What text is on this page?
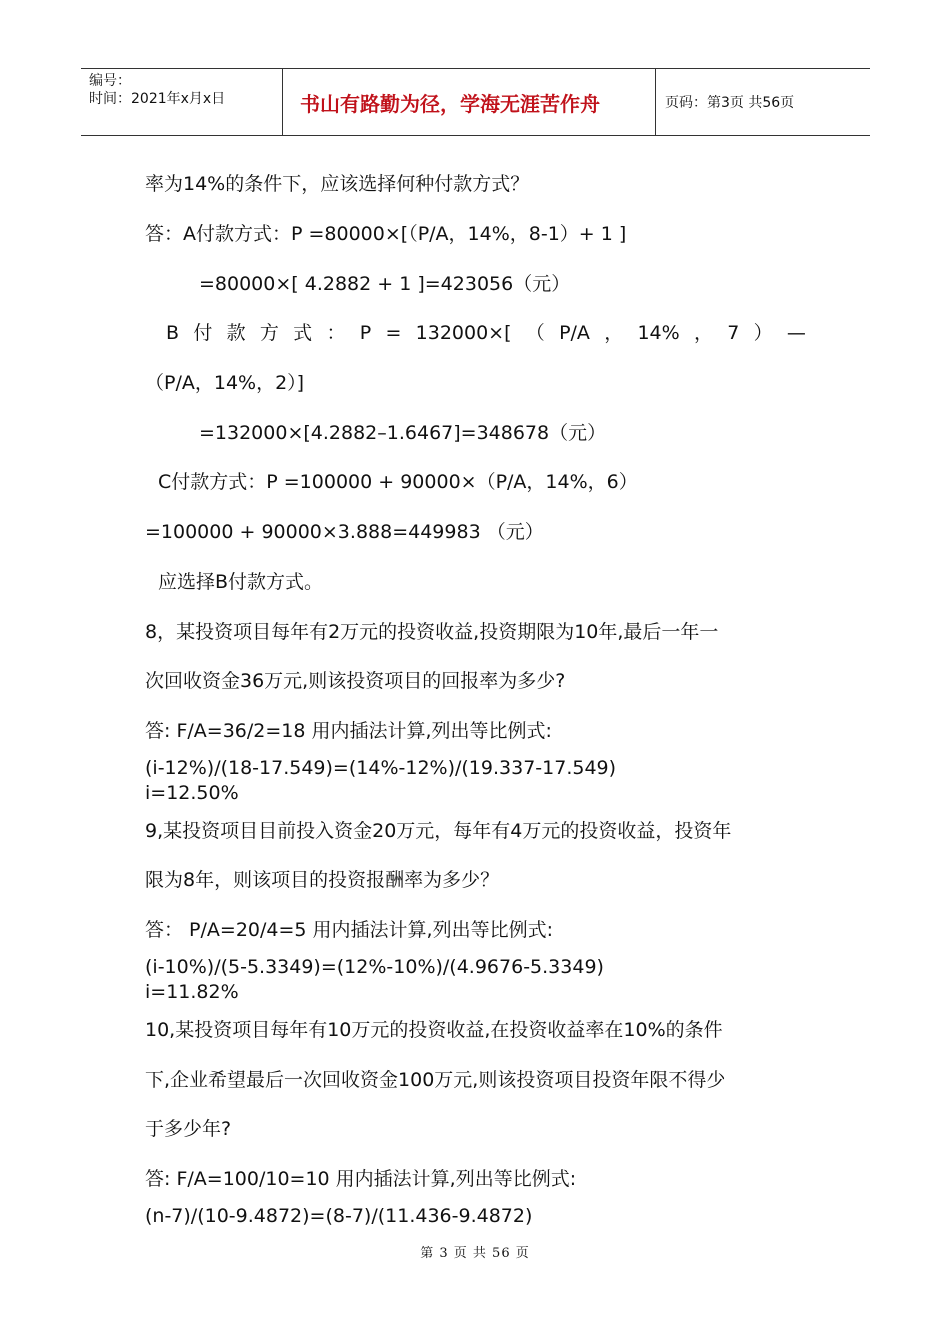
编号：
时间：2021年x月x日	书山有路勤为径，学海无涯苦作舟	页码：第3页 共56页
率为14%的条件下，应该选择何种付款方式？
答：A付款方式：P =80000×[（P/A，14%，8-1）+ 1 ]
=80000×[ 4.2882 + 1 ]=423056（元）
B 付 款 方 式 ： P = 132000×[ （ P/A ， 14% ， 7 ） —
（P/A，14%，2）]
=132000×[4.2882–1.6467]=348678（元）
C付款方式：P =100000 + 90000×（P/A，14%，6）
=100000 + 90000×3.888=449983 （元）
应选择B付款方式。
8，某投资项目每年有2万元的投资收益,投资期限为10年,最后一年一
次回收资金36万元,则该投资项目的回报率为多少?
答: F/A=36/2=18 用内插法计算,列出等比例式:
(i-12%)/(18-17.549)=(14%-12%)/(19.337-17.549)
i=12.50%
9,某投资项目目前投入资金20万元，每年有4万元的投资收益，投资年
限为8年，则该项目的投资报酬率为多少？
答： P/A=20/4=5 用内插法计算,列出等比例式:
(i-10%)/(5-5.3349)=(12%-10%)/(4.9676-5.3349)
i=11.82%
10,某投资项目每年有10万元的投资收益,在投资收益率在10%的条件
下,企业希望最后一次回收资金100万元,则该投资项目投资年限不得少
于多少年?
答: F/A=100/10=10 用内插法计算,列出等比例式:
(n-7)/(10-9.4872)=(8-7)/(11.436-9.4872)
第 3 页 共 56 页
